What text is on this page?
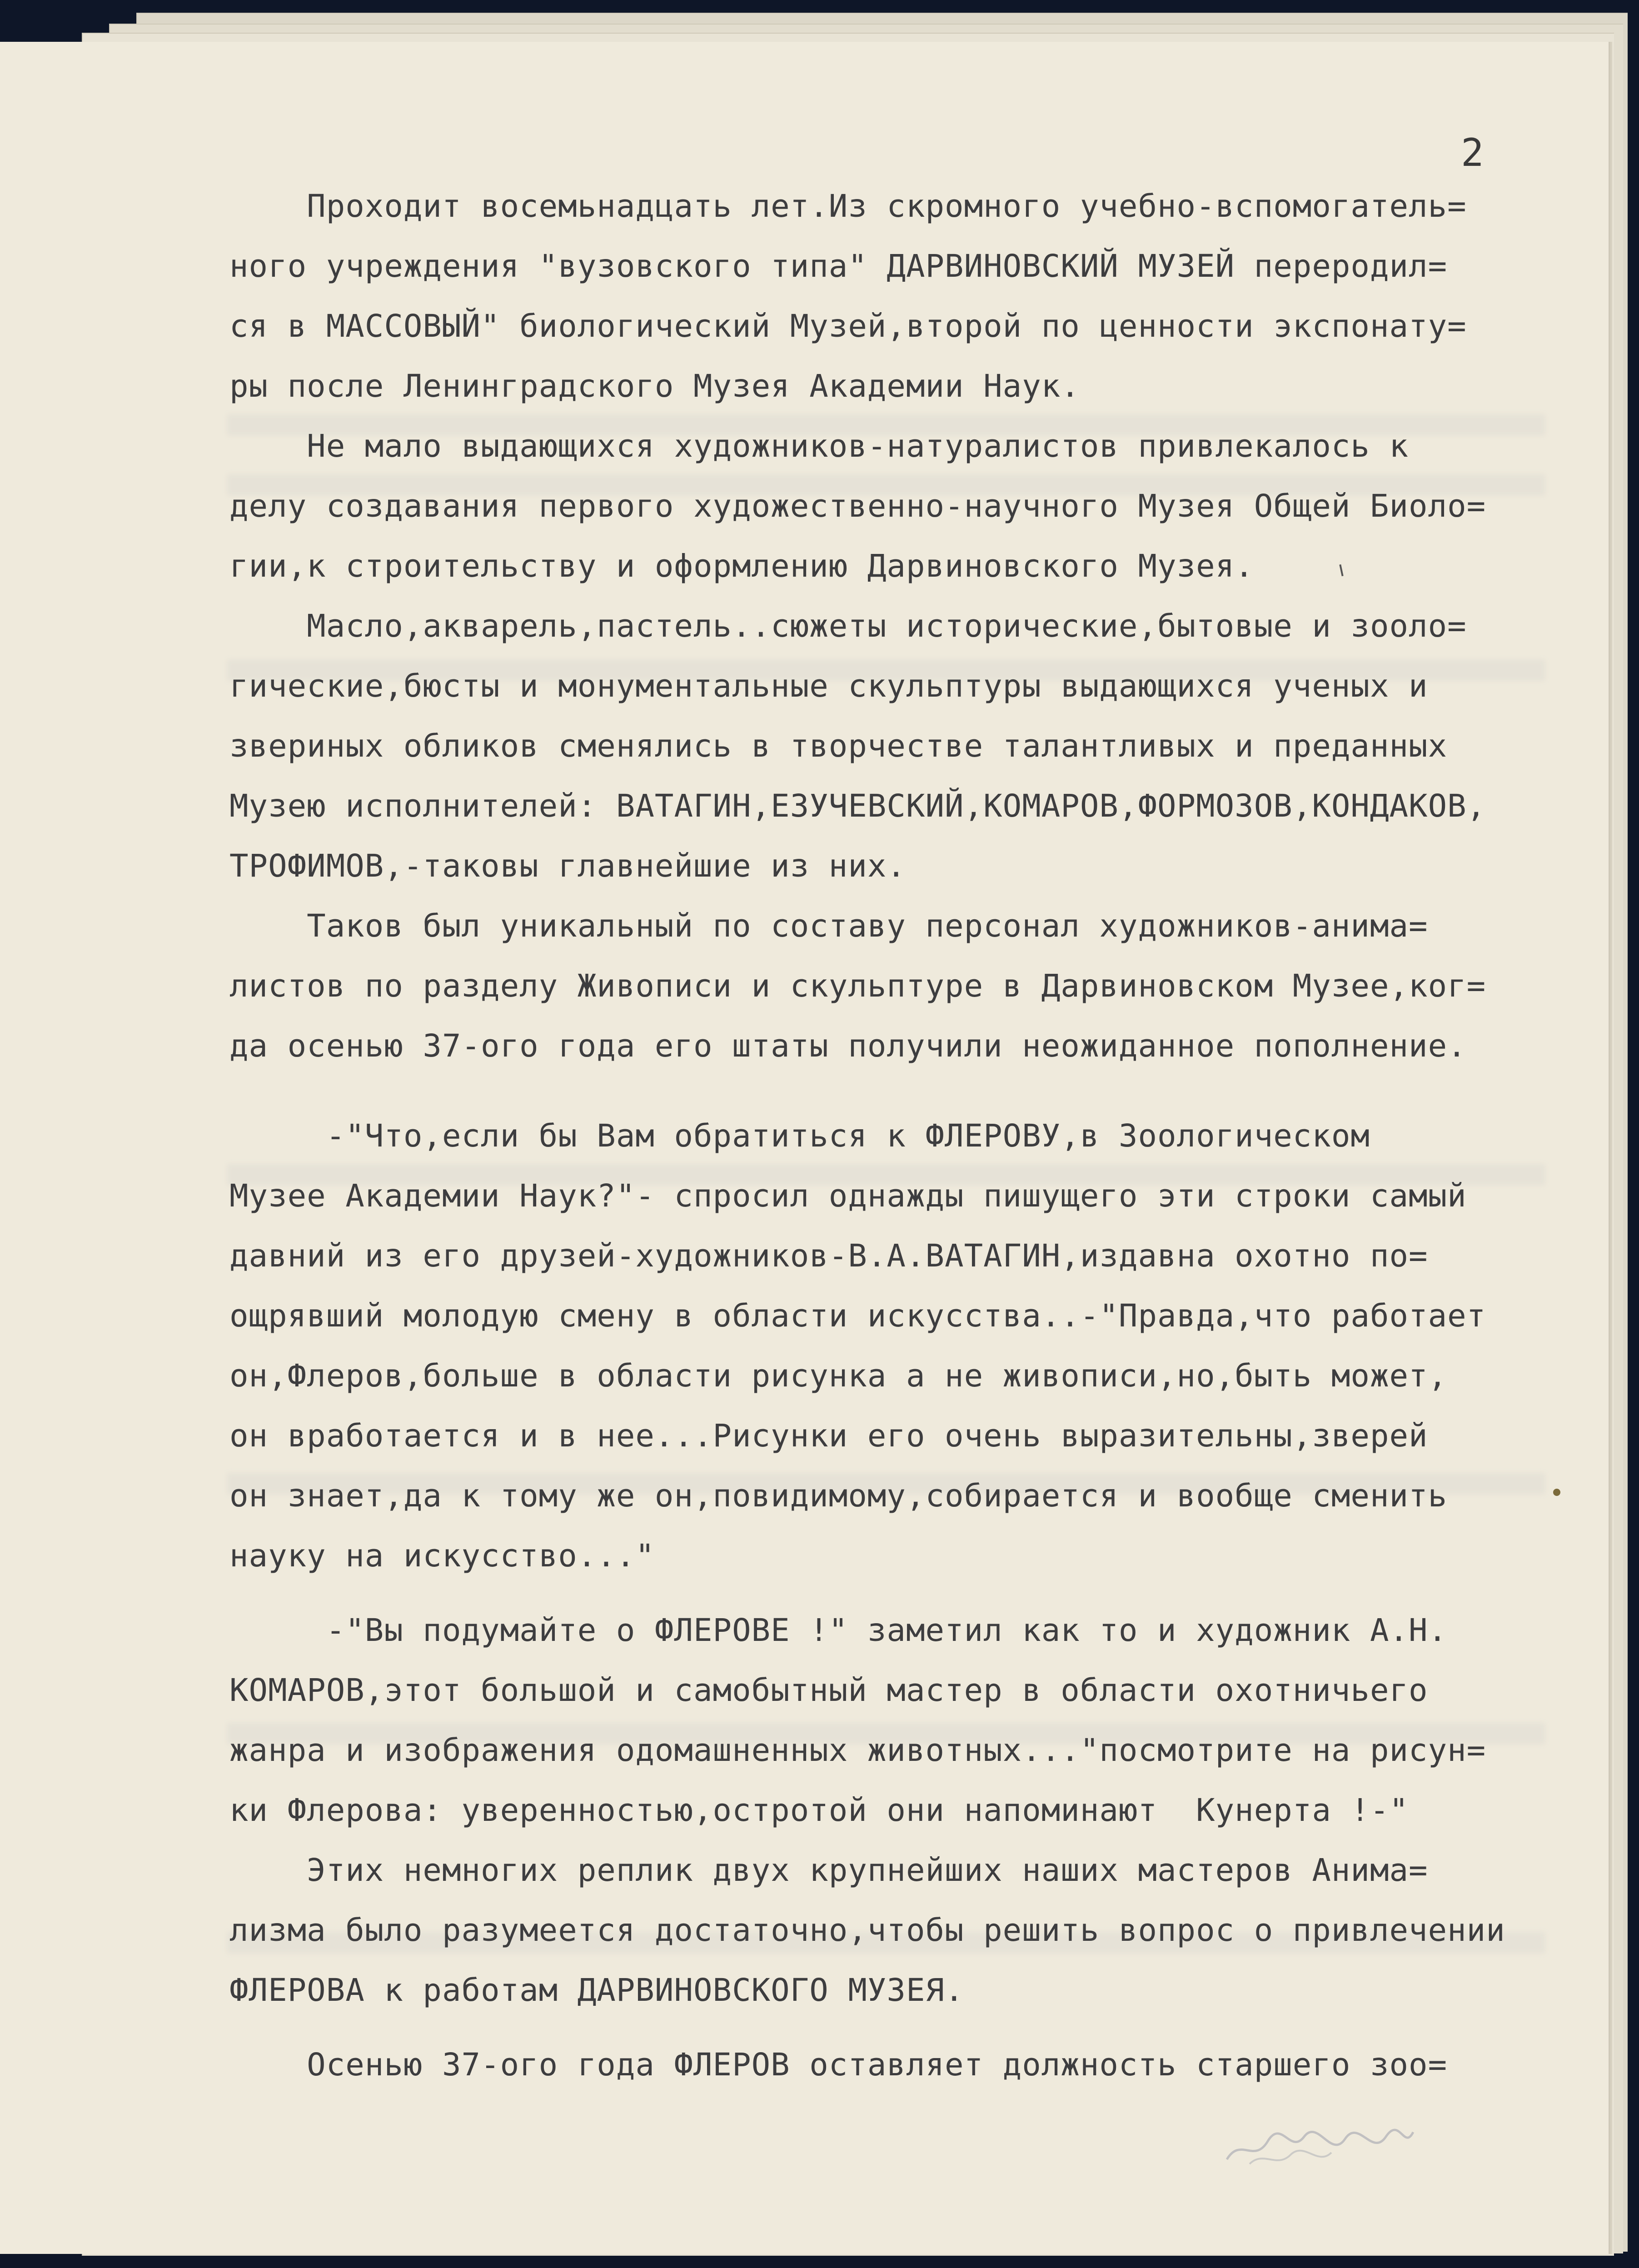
2
Проходит восемьнадцать лет.Из скромного учебно-вспомогатель=
ного учреждения "вузовского типа" ДАРВИНОВСКИЙ МУЗЕЙ переродил=
ся в МАССОВЫЙ" биологический Музей,второй по ценности экспонату=
ры после Ленинградского Музея Академии Наук.
Не мало выдающихся художников-натуралистов привлекалось к
делу создавания первого художественно-научного Музея Общей Биоло=
гии,к строительству и оформлению Дарвиновского Музея.
Масло,акварель,пастель..сюжеты исторические,бытовые и зооло=
гические,бюсты и монументальные скульптуры выдающихся ученых и
звериных обликов сменялись в творчестве талантливых и преданных
Музею исполнителей: ВАТАГИН,ЕЗУЧЕВСКИЙ,КОМАРОВ,ФОРМОЗОВ,КОНДАКОВ,
ТРОФИМОВ,-таковы главнейшие из них.
Таков был уникальный по составу персонал художников-анима=
листов по разделу Живописи и скульптуре в Дарвиновском Музее,ког=
да осенью 37-ого года его штаты получили неожиданное пополнение.
-"Что,если бы Вам обратиться к ФЛЕРОВУ,в Зоологическом
Музее Академии Наук?"- спросил однажды пишущего эти строки самый
давний из его друзей-художников-В.А.ВАТАГИН,издавна охотно по=
ощрявший молодую смену в области искусства..-"Правда,что работает
он,Флеров,больше в области рисунка а не живописи,но,быть может,
он вработается и в нее...Рисунки его очень выразительны,зверей
он знает,да к тому же он,повидимому,собирается и вообще сменить
науку на искусство..."
-"Вы подумайте о ФЛЕРОВЕ !" заметил как то и художник А.Н.
КОМАРОВ,этот большой и самобытный мастер в области охотничьего
жанра и изображения одомашненных животных..."посмотрите на рисун=
ки Флерова: уверенностью,остротой они напоминают  Кунерта !-"
Этих немногих реплик двух крупнейших наших мастеров Анима=
лизма было разумеется достаточно,чтобы решить вопрос о привлечении
ФЛЕРОВА к работам ДАРВИНОВСКОГО МУЗЕЯ.
Осенью 37-ого года ФЛЕРОВ оставляет должность старшего зоо=
